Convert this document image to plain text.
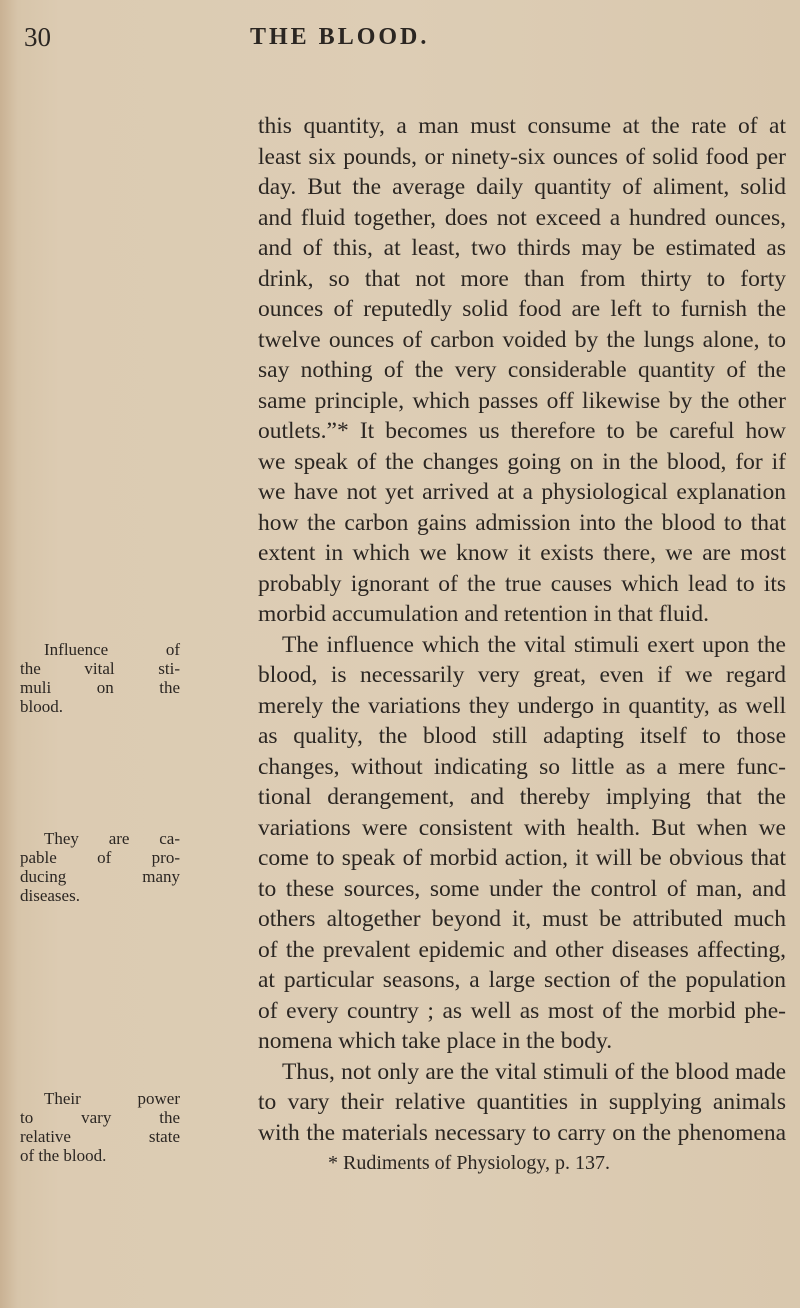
30	THE BLOOD.
this quantity, a man must consume at the rate of at
least six pounds, or ninety-six ounces of solid food per
day. But the average daily quantity of aliment, solid
and fluid together, does not exceed a hundred ounces,
and of this, at least, two thirds may be estimated as
drink, so that not more than from thirty to forty
ounces of reputedly solid food are left to furnish the
twelve ounces of carbon voided by the lungs alone, to
say nothing of the very considerable quantity of the
same principle, which passes off likewise by the other
outlets.”* It becomes us therefore to be careful how
we speak of the changes going on in the blood, for if
we have not yet arrived at a physiological explanation
how the carbon gains admission into the blood to that
extent in which we know it exists there, we are most
probably ignorant of the true causes which lead to its
morbid accumulation and retention in that fluid.
The influence which the vital stimuli exert upon the
blood, is necessarily very great, even if we regard
merely the variations they undergo in quantity, as well
as quality, the blood still adapting itself to those
changes, without indicating so little as a mere func-
tional derangement, and thereby implying that the
variations were consistent with health. But when we
come to speak of morbid action, it will be obvious that
to these sources, some under the control of man, and
others altogether beyond it, must be attributed much
of the prevalent epidemic and other diseases affecting,
at particular seasons, a large section of the population
of every country ; as well as most of the morbid phe-
nomena which take place in the body.
Thus, not only are the vital stimuli of the blood made
to vary their relative quantities in supplying animals
with the materials necessary to carry on the phenomena
Influence of
the vital sti-
muli on the
blood.
They are ca-
pable of pro-
ducing many
diseases.
Their power
to vary the
relative state
of the blood.	* Rudiments of Physiology, p. 137.
